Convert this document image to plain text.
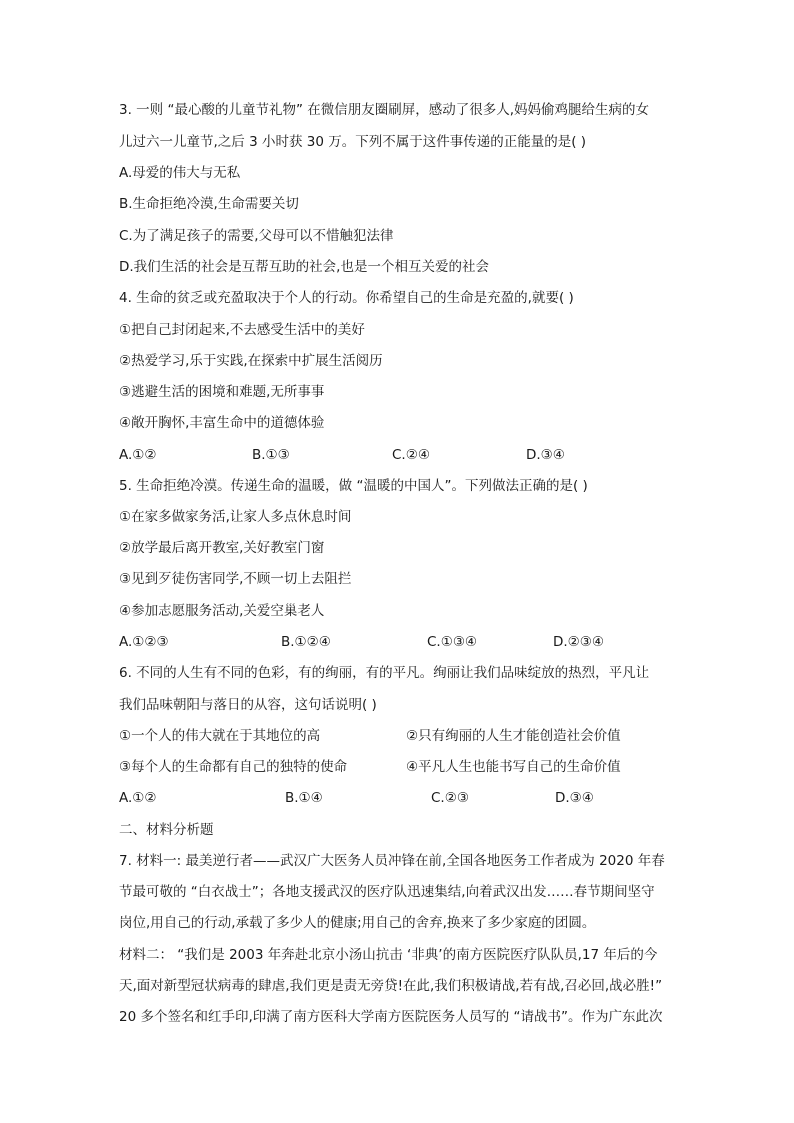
3. 一则 “最心酸的儿童节礼物” 在微信朋友圈刷屏，感动了很多人,妈妈偷鸡腿给生病的女
儿过六一儿童节,之后 3 小时获 30 万。下列不属于这件事传递的正能量的是( )
A.母爱的伟大与无私
B.生命拒绝冷漠,生命需要关切
C.为了满足孩子的需要,父母可以不惜触犯法律
D.我们生活的社会是互帮互助的社会,也是一个相互关爱的社会
4. 生命的贫乏或充盈取决于个人的行动。你希望自己的生命是充盈的,就要( )
①把自己封闭起来,不去感受生活中的美好
②热爱学习,乐于实践,在探索中扩展生活阅历
③逃避生活的困境和难题,无所事事
④敞开胸怀,丰富生命中的道德体验
A.①②	B.①③	C.②④	D.③④
5. 生命拒绝冷漠。传递生命的温暖，做 “温暖的中国人”。下列做法正确的是( )
①在家多做家务活,让家人多点休息时间
②放学最后离开教室,关好教室门窗
③见到歹徒伤害同学,不顾一切上去阻拦
④参加志愿服务活动,关爱空巢老人
A.①②③	B.①②④	C.①③④	D.②③④
6. 不同的人生有不同的色彩，有的绚丽，有的平凡。绚丽让我们品味绽放的热烈，平凡让
我们品味朝阳与落日的从容，这句话说明( )
①一个人的伟大就在于其地位的高	②只有绚丽的人生才能创造社会价值
③每个人的生命都有自己的独特的使命	④平凡人生也能书写自己的生命价值
A.①②	B.①④	C.②③	D.③④
二、材料分析题
7. 材料一: 最美逆行者——武汉广大医务人员冲锋在前,全国各地医务工作者成为 2020 年春
节最可敬的 “白衣战士”；各地支援武汉的医疗队迅速集结,向着武汉出发……春节期间坚守
岗位,用自己的行动,承载了多少人的健康;用自己的舍弃,换来了多少家庭的团圆。
材料二： “我们是 2003 年奔赴北京小汤山抗击 ‘非典’的南方医院医疗队队员,17 年后的今
天,面对新型冠状病毒的肆虐,我们更是责无旁贷!在此,我们积极请战,若有战,召必回,战必胜!”
20 多个签名和红手印,印满了南方医科大学南方医院医务人员写的 “请战书”。作为广东此次
